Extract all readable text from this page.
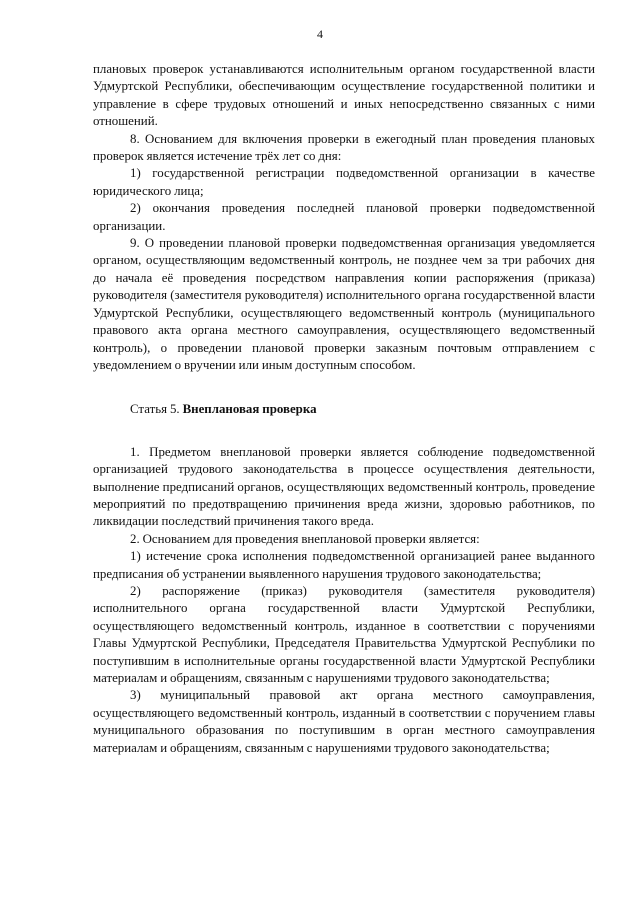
4

плановых проверок устанавливаются исполнительным органом государственной власти Удмуртской Республики, обеспечивающим осуществление государственной политики и управление в сфере трудовых отношений и иных непосредственно связанных с ними отношений.

8. Основанием для включения проверки в ежегодный план проведения плановых проверок является истечение трёх лет со дня:

1) государственной регистрации подведомственной организации в качестве юридического лица;

2) окончания проведения последней плановой проверки подведомственной организации.

9. О проведении плановой проверки подведомственная организация уведомляется органом, осуществляющим ведомственный контроль, не позднее чем за три рабочих дня  до начала её проведения посредством направления копии распоряжения (приказа) руководителя (заместителя руководителя) исполнительного органа государственной власти Удмуртской Республики, осуществляющего ведомственный контроль (муниципального правового акта органа местного самоуправления, осуществляющего ведомственный контроль), о проведении плановой проверки заказным почтовым отправлением с уведомлением о вручении или иным доступным способом.

Статья 5. Внеплановая проверка

1. Предметом внеплановой проверки является соблюдение подведомственной организацией трудового законодательства в процессе осуществления деятельности, выполнение предписаний органов, осуществляющих ведомственный контроль, проведение мероприятий по предотвращению причинения вреда жизни, здоровью работников, по ликвидации последствий причинения такого вреда.

2. Основанием для проведения внеплановой проверки является:

1) истечение срока исполнения подведомственной организацией ранее выданного предписания об устранении выявленного нарушения трудового законодательства;

2) распоряжение (приказ) руководителя (заместителя руководителя) исполнительного органа государственной власти Удмуртской Республики, осуществляющего ведомственный контроль, изданное в соответствии с поручениями Главы Удмуртской Республики, Председателя Правительства Удмуртской Республики по поступившим в исполнительные органы государственной власти Удмуртской Республики материалам и обращениям, связанным с нарушениями трудового законодательства;

3) муниципальный правовой акт органа местного самоуправления, осуществляющего ведомственный контроль, изданный в соответствии с поручением главы муниципального образования по поступившим в орган местного самоуправления материалам и обращениям, связанным с нарушениями трудового законодательства;
